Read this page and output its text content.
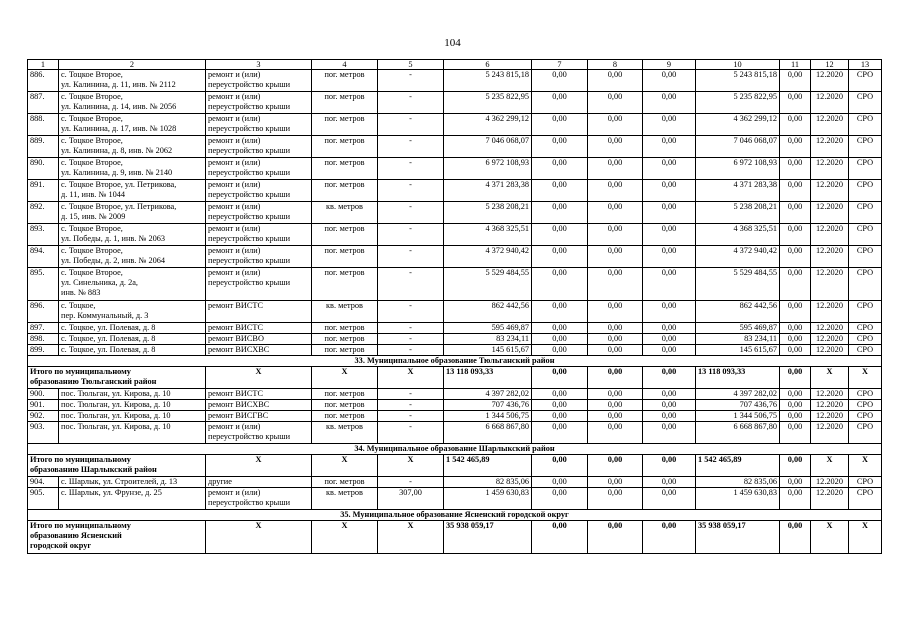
104
1	2	3	4	5	6	7	8	9	10	11	12	13
886.	с. Тоцкое Второе,
ул. Калинина, д. 11, инв. № 2112	ремонт и (или)
переустройство крыши	пог. метров	-	5 243 815,18	0,00	0,00	0,00	5 243 815,18	0,00	12.2020	СРО
887.	с. Тоцкое Второе,
ул. Калинина, д. 14, инв. № 2056	ремонт и (или)
переустройство крыши	пог. метров	-	5 235 822,95	0,00	0,00	0,00	5 235 822,95	0,00	12.2020	СРО
888.	с. Тоцкое Второе,
ул. Калинина, д. 17, инв. № 1028	ремонт и (или)
переустройство крыши	пог. метров	-	4 362 299,12	0,00	0,00	0,00	4 362 299,12	0,00	12.2020	СРО
889.	с. Тоцкое Второе,
ул. Калинина, д. 8, инв. № 2062	ремонт и (или)
переустройство крыши	пог. метров	-	7 046 068,07	0,00	0,00	0,00	7 046 068,07	0,00	12.2020	СРО
890.	с. Тоцкое Второе,
ул. Калинина, д. 9, инв. № 2140	ремонт и (или)
переустройство крыши	пог. метров	-	6 972 108,93	0,00	0,00	0,00	6 972 108,93	0,00	12.2020	СРО
891.	с. Тоцкое Второе, ул. Петрикова,
д. 11, инв. № 1044	ремонт и (или)
переустройство крыши	пог. метров	-	4 371 283,38	0,00	0,00	0,00	4 371 283,38	0,00	12.2020	СРО
892.	с. Тоцкое Второе, ул. Петрикова,
д. 15, инв. № 2009	ремонт и (или)
переустройство крыши	кв. метров	-	5 238 208,21	0,00	0,00	0,00	5 238 208,21	0,00	12.2020	СРО
893.	с. Тоцкое Второе,
ул. Победы, д. 1, инв. № 2063	ремонт и (или)
переустройство крыши	пог. метров	-	4 368 325,51	0,00	0,00	0,00	4 368 325,51	0,00	12.2020	СРО
894.	с. Тоцкое Второе,
ул. Победы, д. 2, инв. № 2064	ремонт и (или)
переустройство крыши	пог. метров	-	4 372 940,42	0,00	0,00	0,00	4 372 940,42	0,00	12.2020	СРО
895.	с. Тоцкое Второе,
ул. Синельника, д. 2а,
инв. № 883	ремонт и (или)
переустройство крыши	пог. метров	-	5 529 484,55	0,00	0,00	0,00	5 529 484,55	0,00	12.2020	СРО
896.	с. Тоцкое,
пер. Коммунальный, д. 3	ремонт ВИСТС	кв. метров	-	862 442,56	0,00	0,00	0,00	862 442,56	0,00	12.2020	СРО
897.	с. Тоцкое, ул. Полевая, д. 8	ремонт ВИСТС	пог. метров	-	595 469,87	0,00	0,00	0,00	595 469,87	0,00	12.2020	СРО
898.	с. Тоцкое, ул. Полевая, д. 8	ремонт ВИСВО	пог. метров	-	83 234,11	0,00	0,00	0,00	83 234,11	0,00	12.2020	СРО
899.	с. Тоцкое, ул. Полевая, д. 8	ремонт ВИСХВС	пог. метров	-	145 615,67	0,00	0,00	0,00	145 615,67	0,00	12.2020	СРО
33. Муниципальное образование Тюльганский район												

Итого по муниципальному
образованию Тюльганский район		Х	Х	Х	13 118 093,33	0,00	0,00	0,00	13 118 093,33	0,00	Х	Х
900.	пос. Тюльган, ул. Кирова, д. 10	ремонт ВИСТС	пог. метров	-	4 397 282,02	0,00	0,00	0,00	4 397 282,02	0,00	12.2020	СРО
901.	пос. Тюльган, ул. Кирова, д. 10	ремонт ВИСХВС	пог. метров	-	707 436,76	0,00	0,00	0,00	707 436,76	0,00	12.2020	СРО
902.	пос. Тюльган, ул. Кирова, д. 10	ремонт ВИСГВС	пог. метров	-	1 344 506,75	0,00	0,00	0,00	1 344 506,75	0,00	12.2020	СРО
903.	пос. Тюльган, ул. Кирова, д. 10	ремонт и (или)
переустройство крыши	кв. метров	-	6 668 867,80	0,00	0,00	0,00	6 668 867,80	0,00	12.2020	СРО
34. Муниципальное образование Шарлыкский район												

Итого по муниципальному
образованию Шарлыкский район		Х	Х	Х	1 542 465,89	0,00	0,00	0,00	1 542 465,89	0,00	Х	Х
904.	с. Шарлык, ул. Строителей, д. 13	другие	пог. метров	-	82 835,06	0,00	0,00	0,00	82 835,06	0,00	12.2020	СРО
905.	с. Шарлык, ул. Фрунзе, д. 25	ремонт и (или)
переустройство крыши	кв. метров	307,00	1 459 630,83	0,00	0,00	0,00	1 459 630,83	0,00	12.2020	СРО
35. Муниципальное образование Ясненский городской округ												

Итого по муниципальному
образованию Ясненский
городской округ		Х	Х	Х	35 938 059,17	0,00	0,00	0,00	35 938 059,17	0,00	Х	Х
